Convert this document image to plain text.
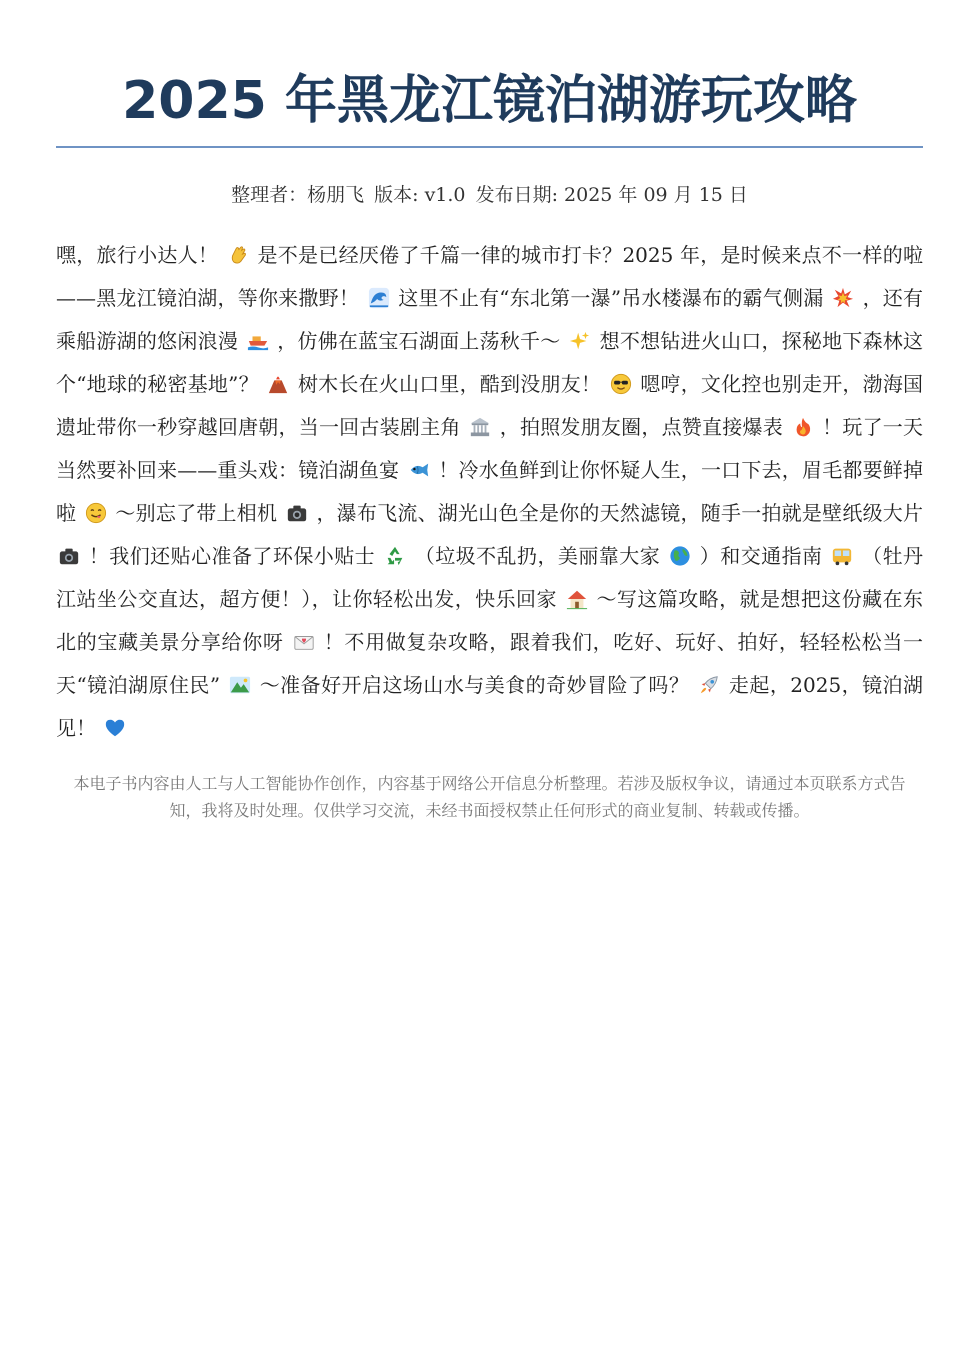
2025 年黑龙江镜泊湖游玩攻略
整理者：杨朋飞 版本: v1.0 发布日期: 2025 年 09 月 15 日

嘿，旅行小达人！ 是不是已经厌倦了千篇一律的城市打卡？2025 年，是时候来点不一样的啦——黑龙江镜泊湖，等你来撒野！ 这里不止有“东北第一瀑”吊水楼瀑布的霸气侧漏 ，还有乘船游湖的悠闲浪漫 ，仿佛在蓝宝石湖面上荡秋千～ 想不想钻进火山口，探秘地下森林这个“地球的秘密基地”？ 树木长在火山口里，酷到没朋友！ 嗯哼，文化控也别走开，渤海国遗址带你一秒穿越回唐朝，当一回古装剧主角 ，拍照发朋友圈，点赞直接爆表 ！玩了一天当然要补回来——重头戏：镜泊湖鱼宴 ！冷水鱼鲜到让你怀疑人生，一口下去，眉毛都要鲜掉啦 ～别忘了带上相机 ，瀑布飞流、湖光山色全是你的天然滤镜，随手一拍就是壁纸级大片
！我们还贴心准备了环保小贴士 （垃圾不乱扔，美丽靠大家 ）和交通指南 （牡丹江站坐公交直达，超方便！），让你轻松出发，快乐回家 ～写这篇攻略，就是想把这份藏在东北的宝藏美景分享给你呀 ！不用做复杂攻略，跟着我们，吃好、玩好、拍好，轻轻松松当一天“镜泊湖原住民” ～准备好开启这场山水与美食的奇妙冒险了吗？ 走起，2025，镜泊湖见！

本电子书内容由人工与人工智能协作创作，内容基于网络公开信息分析整理。若涉及版权争议，请通过本页联系方式告知，我将及时处理。仅供学习交流，未经书面授权禁止任何形式的商业复制、转载或传播。
